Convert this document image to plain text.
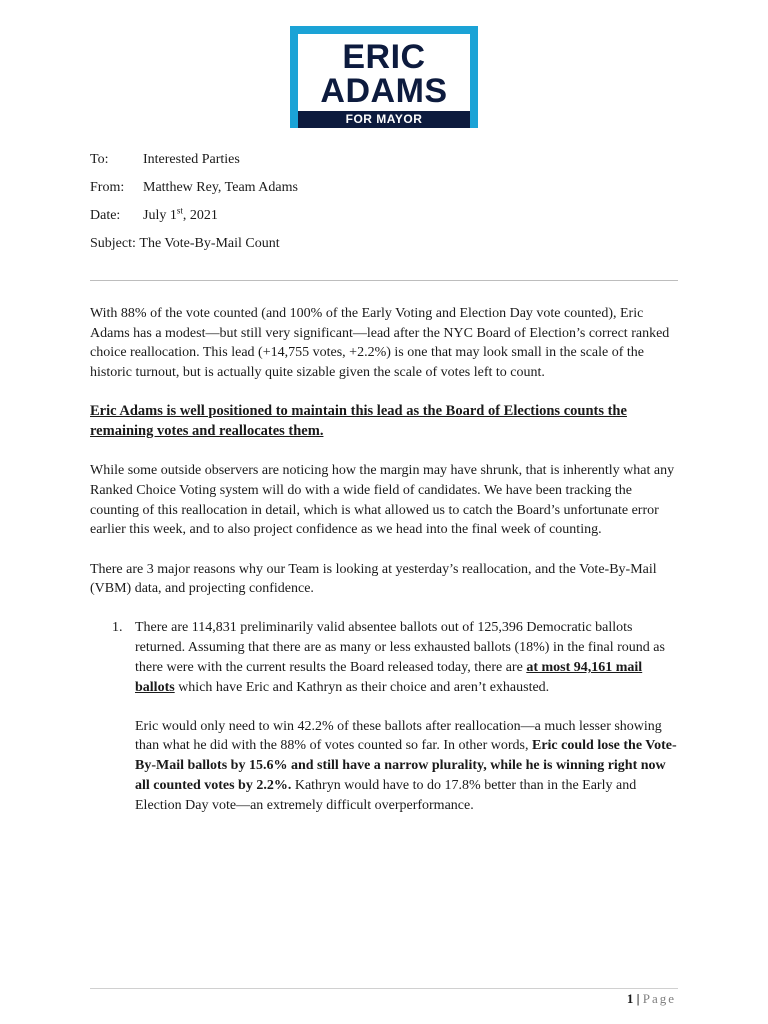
ERIC
ADAMS
FOR MAYOR
To:	Interested Parties
From:	Matthew Rey, Team Adams
Date:	July 1st, 2021
Subject:
The Vote-By-Mail Count

With 88% of the vote counted (and 100% of the Early Voting and Election Day vote counted), Eric Adams has a modest—but still very significant—lead after the NYC Board of Election’s correct ranked choice reallocation. This lead (+14,755 votes, +2.2%) is one that may look small in the scale of the historic turnout, but is actually quite sizable given the scale of votes left to count.

Eric Adams is well positioned to maintain this lead as the Board of Elections counts the remaining votes and reallocates them.

While some outside observers are noticing how the margin may have shrunk, that is inherently what any Ranked Choice Voting system will do with a wide field of candidates. We have been tracking the counting of this reallocation in detail, which is what allowed us to catch the Board’s unfortunate error earlier this week, and to also project confidence as we head into the final week of counting.

There are 3 major reasons why our Team is looking at yesterday’s reallocation, and the Vote-By-Mail (VBM) data, and projecting confidence.

1. There are 114,831 preliminarily valid absentee ballots out of 125,396 Democratic ballots returned. Assuming that there are as many or less exhausted ballots (18%) in the final round as there were with the current results the Board released today, there are at most 94,161 mail ballots which have Eric and Kathryn as their choice and aren’t exhausted.

Eric would only need to win 42.2% of these ballots after reallocation—a much lesser showing than what he did with the 88% of votes counted so far. In other words, Eric could lose the Vote-By-Mail ballots by 15.6% and still have a narrow plurality, while he is winning right now all counted votes by 2.2%. Kathryn would have to do 17.8% better than in the Early and Election Day vote—an extremely difficult overperformance.

1 | Page
